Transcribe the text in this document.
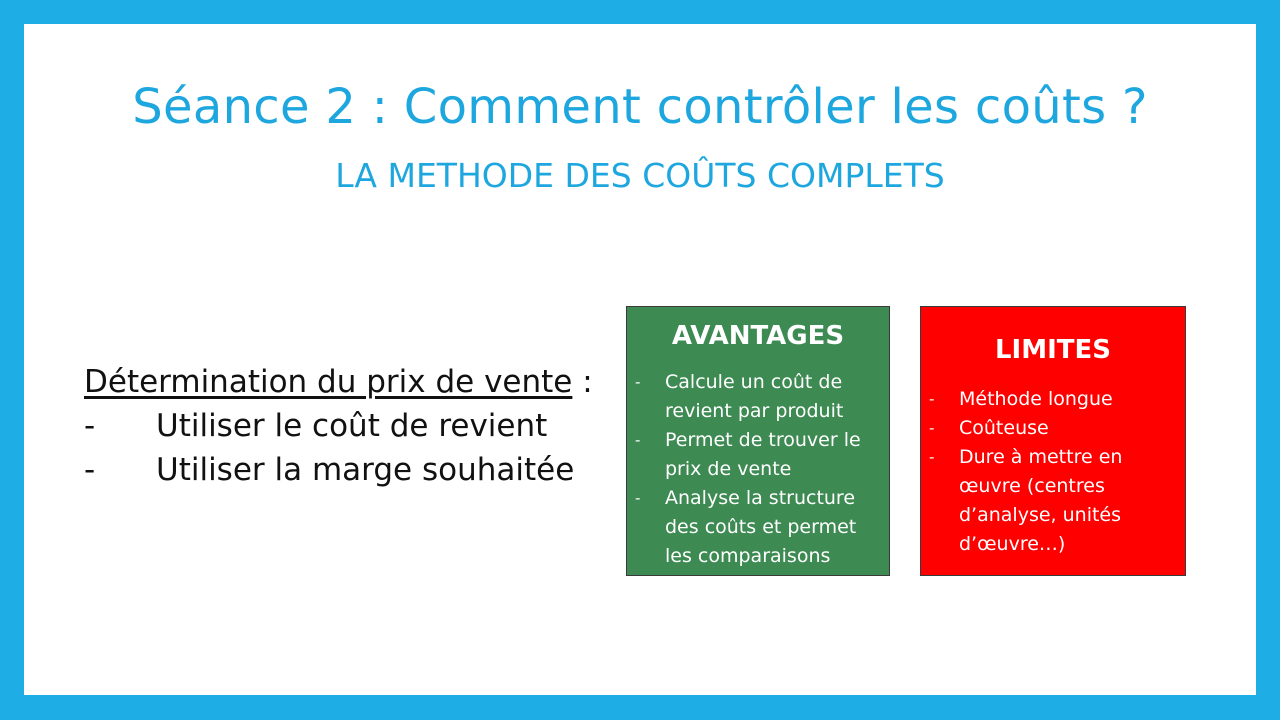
Séance 2 : Comment contrôler les coûts ?
LA METHODE DES COÛTS COMPLETS
Détermination du prix de vente :
-	Utiliser le coût de revient
-	Utiliser la marge souhaitée
AVANTAGES
-	Calcule un coût de revient par produit
-	Permet de trouver le prix de vente
-	Analyse la structure des coûts et permet les comparaisons
LIMITES
-	Méthode longue
-	Coûteuse
-	Dure à mettre en œuvre (centres d’analyse, unités d’œuvre…)
